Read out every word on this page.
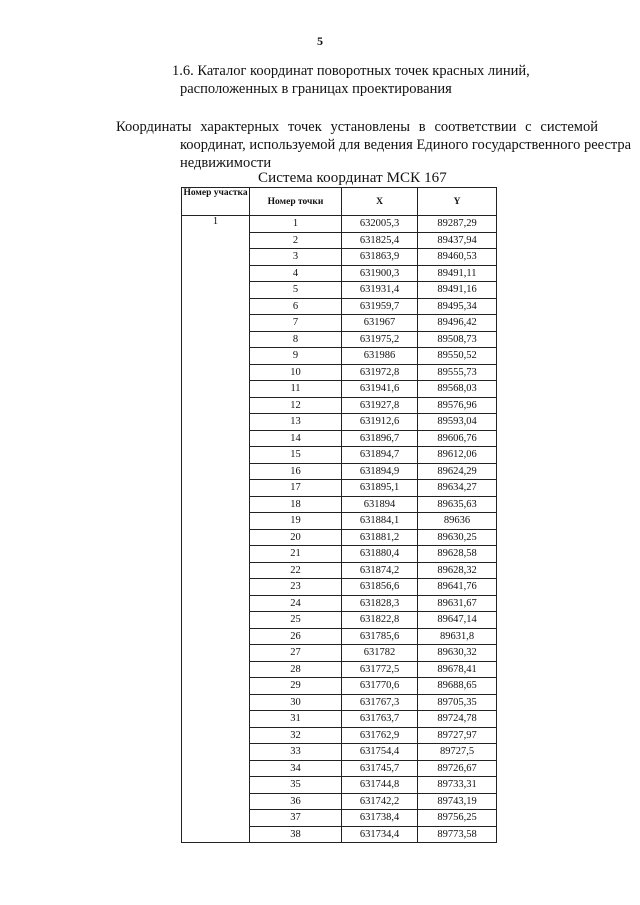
5
1.6. Каталог координат поворотных точек красных линий,
расположенных в границах проектирования
Координаты характерных точек установлены в соответствии с системой
координат, используемой для ведения Единого государственного реестра
недвижимости
Система координат МСК 167
Номер участка	Номер точки	X	Y
1	1	632005,3	89287,29
	2	631825,4	89437,94
	3	631863,9	89460,53
	4	631900,3	89491,11
	5	631931,4	89491,16
	6	631959,7	89495,34
	7	631967	89496,42
	8	631975,2	89508,73
	9	631986	89550,52
	10	631972,8	89555,73
	11	631941,6	89568,03
	12	631927,8	89576,96
	13	631912,6	89593,04
	14	631896,7	89606,76
	15	631894,7	89612,06
	16	631894,9	89624,29
	17	631895,1	89634,27
	18	631894	89635,63
	19	631884,1	89636
	20	631881,2	89630,25
	21	631880,4	89628,58
	22	631874,2	89628,32
	23	631856,6	89641,76
	24	631828,3	89631,67
	25	631822,8	89647,14
	26	631785,6	89631,8
	27	631782	89630,32
	28	631772,5	89678,41
	29	631770,6	89688,65
	30	631767,3	89705,35
	31	631763,7	89724,78
	32	631762,9	89727,97
	33	631754,4	89727,5
	34	631745,7	89726,67
	35	631744,8	89733,31
	36	631742,2	89743,19
	37	631738,4	89756,25
	38	631734,4	89773,58
